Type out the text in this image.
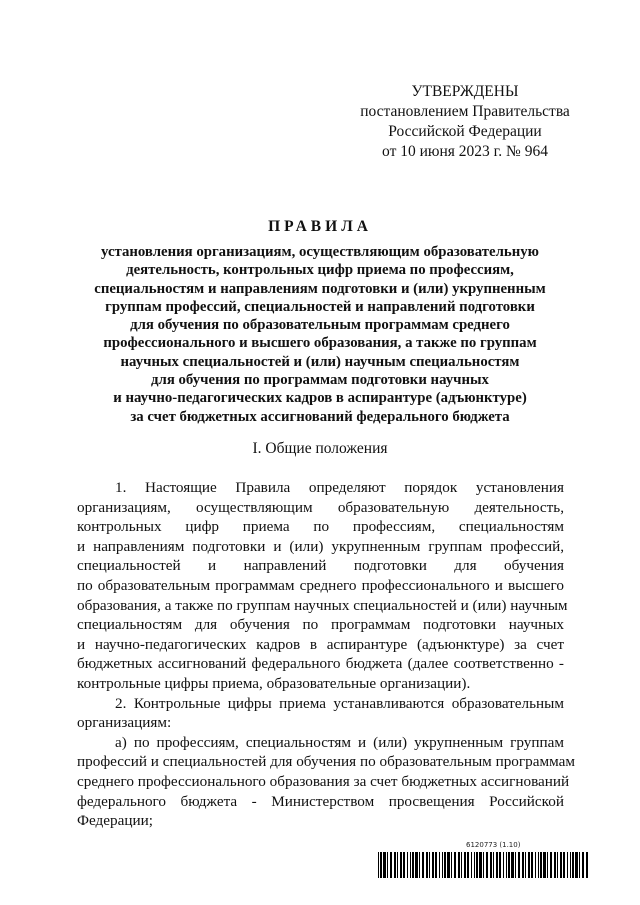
УТВЕРЖДЕНЫ
постановлением Правительства
Российской Федерации
от 10 июня 2023 г. № 964
ПРАВИЛА
установления организациям, осуществляющим образовательную
деятельность, контрольных цифр приема по профессиям,
специальностям и направлениям подготовки и (или) укрупненным
группам профессий, специальностей и направлений подготовки
для обучения по образовательным программам среднего
профессионального и высшего образования, а также по группам
научных специальностей и (или) научным специальностям
для обучения по программам подготовки научных
и научно-педагогических кадров в аспирантуре (адъюнктуре)
за счет бюджетных ассигнований федерального бюджета
I. Общие положения
1. Настоящие Правила определяют порядок установления
организациям, осуществляющим образовательную деятельность,
контрольных цифр приема по профессиям, специальностям
и направлениям подготовки и (или) укрупненным группам профессий,
специальностей и направлений подготовки для обучения
по образовательным программам среднего профессионального и высшего
образования, а также по группам научных специальностей и (или) научным
специальностям для обучения по программам подготовки научных
и научно-педагогических кадров в аспирантуре (адъюнктуре) за счет
бюджетных ассигнований федерального бюджета (далее соответственно -
контрольные цифры приема, образовательные организации).
2. Контрольные цифры приема устанавливаются образовательным
организациям:
а) по профессиям, специальностям и (или) укрупненным группам
профессий и специальностей для обучения по образовательным программам
среднего профессионального образования за счет бюджетных ассигнований
федерального бюджета - Министерством просвещения Российской
Федерации;
6120773 (1.10)
